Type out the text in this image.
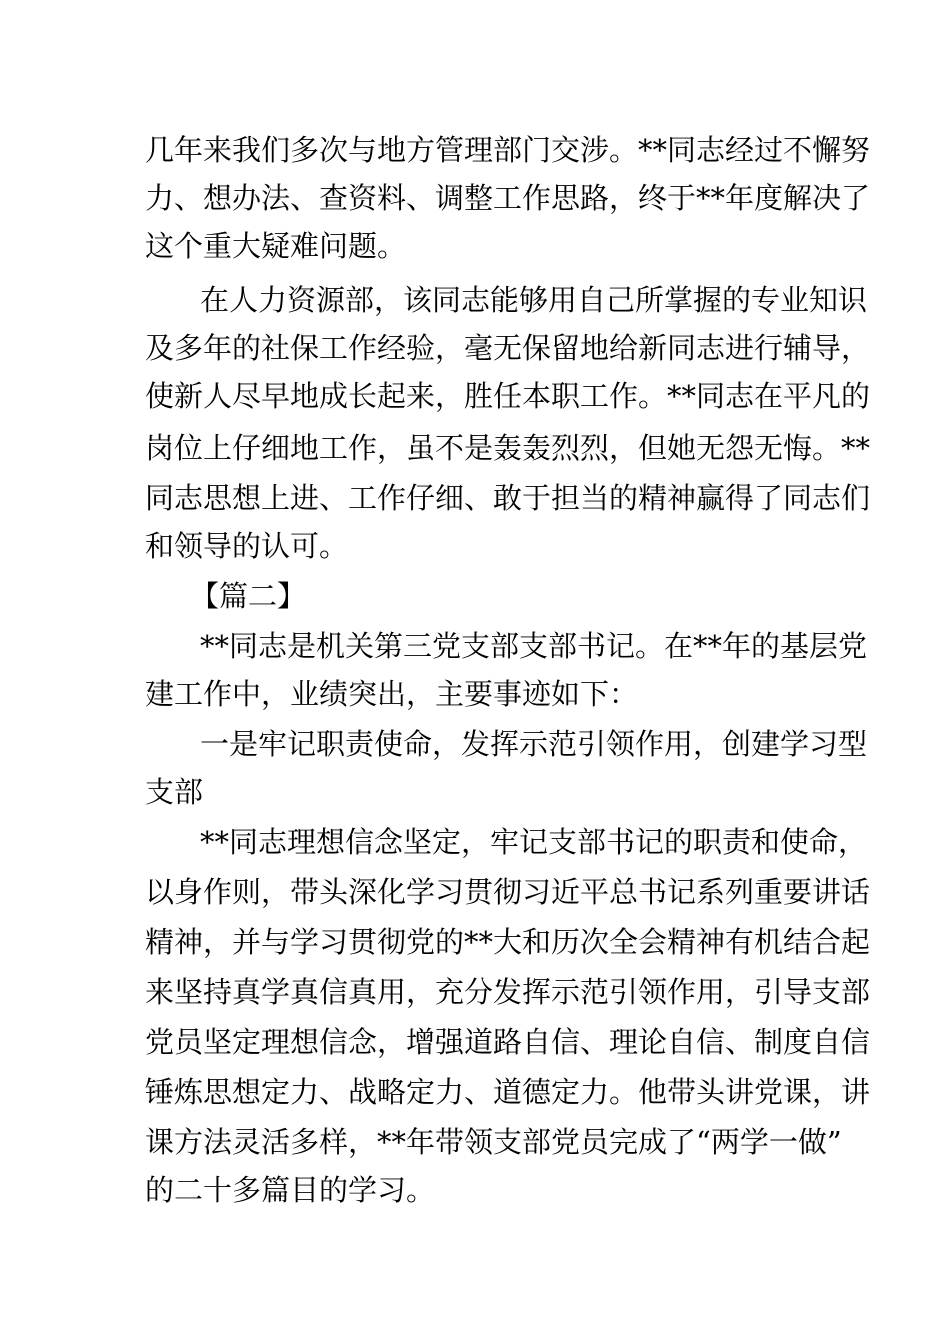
几年来我们多次与地方管理部门交涉。**同志经过不懈努
力、想办法、查资料、调整工作思路，终于**年度解决了
这个重大疑难问题。
在人力资源部，该同志能够用自己所掌握的专业知识
及多年的社保工作经验，毫无保留地给新同志进行辅导，
使新人尽早地成长起来，胜任本职工作。**同志在平凡的
岗位上仔细地工作，虽不是轰轰烈烈，但她无怨无悔。**
同志思想上进、工作仔细、敢于担当的精神赢得了同志们
和领导的认可。
【篇二】
**同志是机关第三党支部支部书记。在**年的基层党
建工作中，业绩突出，主要事迹如下：
一是牢记职责使命，发挥示范引领作用，创建学习型
支部
**同志理想信念坚定，牢记支部书记的职责和使命，
以身作则，带头深化学习贯彻习近平总书记系列重要讲话
精神，并与学习贯彻党的**大和历次全会精神有机结合起
来坚持真学真信真用，充分发挥示范引领作用，引导支部
党员坚定理想信念，增强道路自信、理论自信、制度自信
锤炼思想定力、战略定力、道德定力。他带头讲党课，讲
课方法灵活多样，**年带领支部党员完成了“两学一做”
的二十多篇目的学习。
